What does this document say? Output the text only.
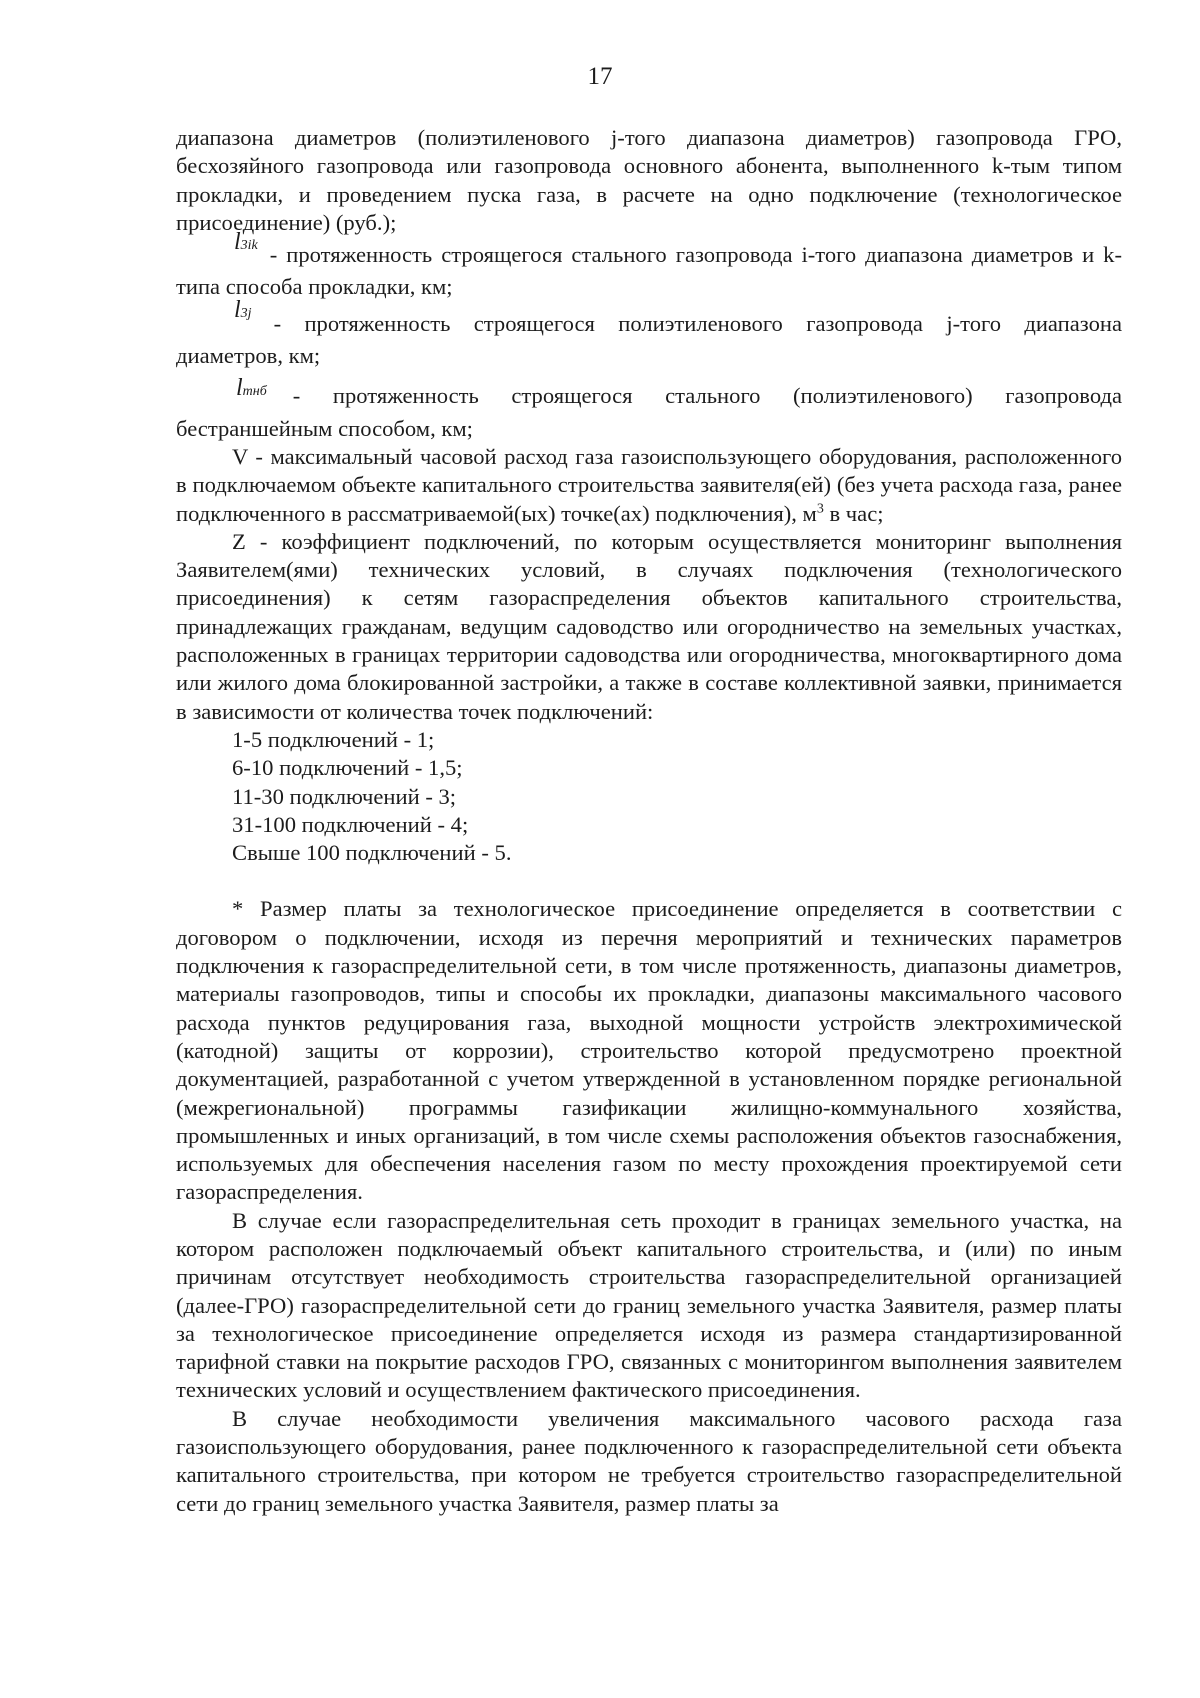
17

диапазона диаметров (полиэтиленового j-того диапазона диаметров) газопровода ГРО, бесхозяйного газопровода или газопровода основного абонента, выполненного k-тым типом прокладки, и проведением пуска газа, в расчете на одно подключение (технологическое присоединение) (руб.);

l3ik - протяженность строящегося стального газопровода i-того диапазона диаметров и k-типа способа прокладки, км;

l3j - протяженность строящегося полиэтиленового газопровода j-того диапазона диаметров, км;

lтнб - протяженность строящегося стального (полиэтиленового) газопровода бестраншейным способом, км;

V - максимальный часовой расход газа газоиспользующего оборудования, расположенного в подключаемом объекте капитального строительства заявителя(ей) (без учета расхода газа, ранее подключенного в рассматриваемой(ых) точке(ах) подключения), $м^3$ в час;

Z - коэффициент подключений, по которым осуществляется мониторинг выполнения Заявителем(ями) технических условий, в случаях подключения (технологического присоединения) к сетям газораспределения объектов капитального строительства, принадлежащих гражданам, ведущим садоводство или огородничество на земельных участках, расположенных в границах территории садоводства или огородничества, многоквартирного дома или жилого дома блокированной застройки, а также в составе коллективной заявки, принимается в зависимости от количества точек подключений:

1-5 подключений - 1;
6-10 подключений - 1,5;
11-30 подключений - 3;
31-100 подключений - 4;
Свыше 100 подключений - 5.

* Размер платы за технологическое присоединение определяется в соответствии с договором о подключении, исходя из перечня мероприятий и технических параметров подключения к газораспределительной сети, в том числе протяженность, диапазоны диаметров, материалы газопроводов, типы и способы их прокладки, диапазоны максимального часового расхода пунктов редуцирования газа, выходной мощности устройств электрохимической (катодной) защиты от коррозии), строительство которой предусмотрено проектной документацией, разработанной с учетом утвержденной в установленном порядке региональной (межрегиональной) программы газификации жилищно-коммунального хозяйства, промышленных и иных организаций, в том числе схемы расположения объектов газоснабжения, используемых для обеспечения населения газом по месту прохождения проектируемой сети газораспределения.

В случае если газораспределительная сеть проходит в границах земельного участка, на котором расположен подключаемый объект капитального строительства, и (или) по иным причинам отсутствует необходимость строительства газораспределительной организацией (далее-ГРО) газораспределительной сети до границ земельного участка Заявителя, размер платы за технологическое присоединение определяется исходя из размера стандартизированной тарифной ставки на покрытие расходов ГРО, связанных с мониторингом выполнения заявителем технических условий и осуществлением фактического присоединения.

В случае необходимости увеличения максимального часового расхода газа газоиспользующего оборудования, ранее подключенного к газораспределительной сети объекта капитального строительства, при котором не требуется строительство газораспределительной сети до границ земельного участка Заявителя, размер платы за
